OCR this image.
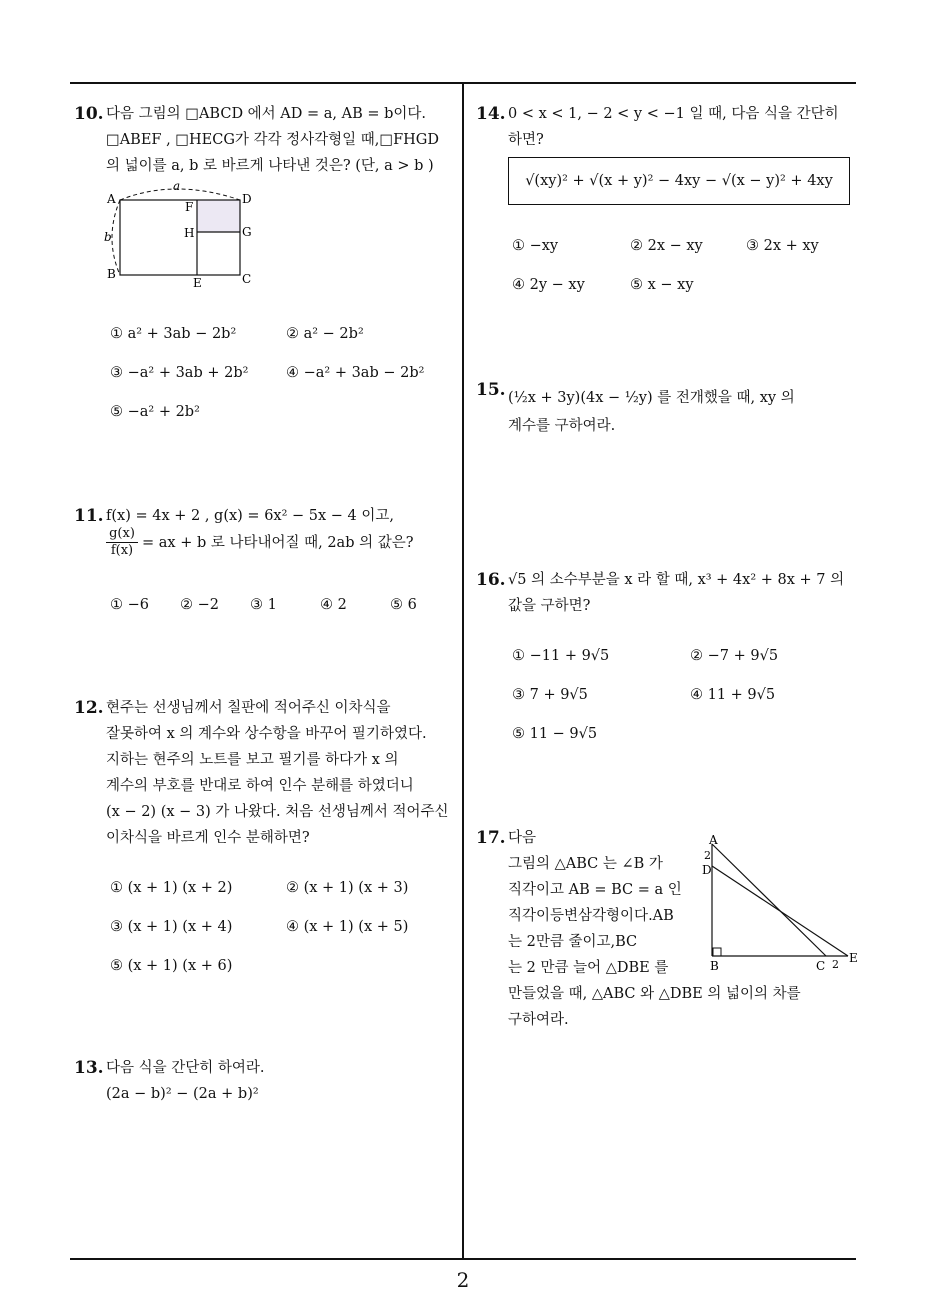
10. 다음 그림의 □ABCD 에서 AD = a, AB = b이다.
□ABEF , □HECG가 각각 정사각형일 때,□FHGD
의 넓이를 a, b 로 바르게 나타낸 것은? (단, a > b )
A
B	C
D
E
F
G
H
a
b
① a² + 3ab − 2b²	② a² − 2b²
③ −a² + 3ab + 2b²	④ −a² + 3ab − 2b²
⑤ −a² + 2b²
11. f(x) = 4x + 2 , g(x) = 6x² − 5x − 4 이고,
$\frac{g(x)}{f(x)}$ = ax + b 로 나타내어질 때, 2ab 의 값은?
① −6 ② −2 ③ 1	④ 2	⑤ 6
12. 현주는 선생님께서 칠판에 적어주신 이차식을
잘못하여 x 의 계수와 상수항을 바꾸어 필기하였다.
지하는 현주의 노트를 보고 필기를 하다가 x 의
계수의 부호를 반대로 하여 인수 분해를 하였더니
(x − 2) (x − 3) 가 나왔다. 처음 선생님께서 적어주신
이차식을 바르게 인수 분해하면?
① (x + 1) (x + 2)	② (x + 1) (x + 3)
③ (x + 1) (x + 4)	④ (x + 1) (x + 5)
⑤ (x + 1) (x + 6)
13. 다음 식을 간단히 하여라.
(2a − b)² − (2a + b)²
14. 0 < x < 1, − 2 < y < −1 일 때, 다음 식을 간단히
하면?
√(xy)² + √(x + y)² − 4xy − √(x − y)² + 4xy
① −xy	② 2x − xy	③ 2x + xy
④ 2y − xy	⑤ x − xy
15. (½x + 3y)(4x − ½y) 를 전개했을 때, xy 의
계수를 구하여라.
16. √5 의 소수부분을 x 라 할 때, x³ + 4x² + 8x + 7 의
값을 구하면?
① −11 + 9√5	② −7 + 9√5
③ 7 + 9√5	④ 11 + 9√5
⑤ 11 − 9√5
17. 다음
그림의 △ABC 는 ∠B 가
직각이고 AB = BC = a 인
직각이등변삼각형이다.AB
는 2만큼 줄이고,BC
는 2 만큼 늘어 △DBE 를
만들었을 때, △ABC 와 △DBE 의 넓이의 차를
구하여라.
A
D
2
B	C 2 E
2
